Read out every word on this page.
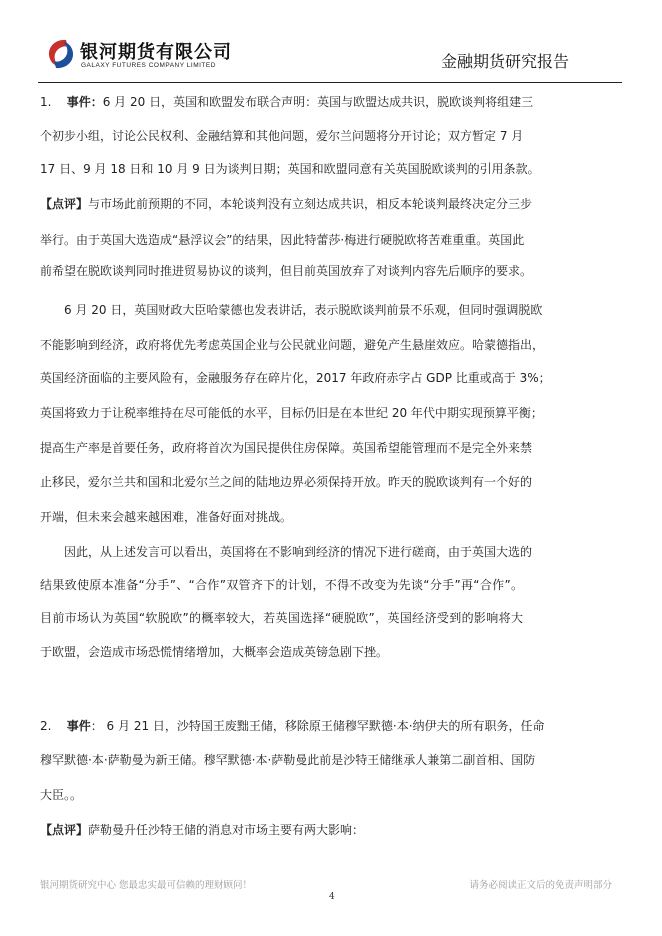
银河期货有限公司
GALAXY FUTURES COMPANY LIMITED	金融期货研究报告
1. 事件：6 月 20 日，英国和欧盟发布联合声明：英国与欧盟达成共识，脱欧谈判将组建三
个初步小组，讨论公民权利、金融结算和其他问题，爱尔兰问题将分开讨论；双方暂定 7 月
17 日、9 月 18 日和 10 月 9 日为谈判日期；英国和欧盟同意有关英国脱欧谈判的引用条款。
【点评】与市场此前预期的不同，本轮谈判没有立刻达成共识，相反本轮谈判最终决定分三步
举行。由于英国大选造成“悬浮议会”的结果，因此特蕾莎·梅进行硬脱欧将苦难重重。英国此
前希望在脱欧谈判同时推进贸易协议的谈判，但目前英国放弃了对谈判内容先后顺序的要求。
6 月 20 日，英国财政大臣哈蒙德也发表讲话，表示脱欧谈判前景不乐观，但同时强调脱欧
不能影响到经济，政府将优先考虑英国企业与公民就业问题，避免产生悬崖效应。哈蒙德指出，
英国经济面临的主要风险有，金融服务存在碎片化，2017 年政府赤字占 GDP 比重或高于 3%；
英国将致力于让税率维持在尽可能低的水平，目标仍旧是在本世纪 20 年代中期实现预算平衡；
提高生产率是首要任务，政府将首次为国民提供住房保障。英国希望能管理而不是完全外来禁
止移民，爱尔兰共和国和北爱尔兰之间的陆地边界必须保持开放。昨天的脱欧谈判有一个好的
开端，但未来会越来越困难，准备好面对挑战。
因此，从上述发言可以看出，英国将在不影响到经济的情况下进行磋商，由于英国大选的
结果致使原本准备“分手”、“合作”双管齐下的计划，不得不改变为先谈“分手”再“合作”。
目前市场认为英国“软脱欧”的概率较大，若英国选择“硬脱欧”，英国经济受到的影响将大
于欧盟，会造成市场恐慌情绪增加，大概率会造成英镑急剧下挫。
2. 事件： 6 月 21 日，沙特国王废黜王储，移除原王储穆罕默德·本·纳伊夫的所有职务，任命
穆罕默德·本·萨勒曼为新王储。穆罕默德·本·萨勒曼此前是沙特王储继承人兼第二副首相、国防
大臣。。
【点评】萨勒曼升任沙特王储的消息对市场主要有两大影响：
银河期货研究中心 您最忠实最可信赖的理财顾问！	请务必阅读正文后的免责声明部分
4
